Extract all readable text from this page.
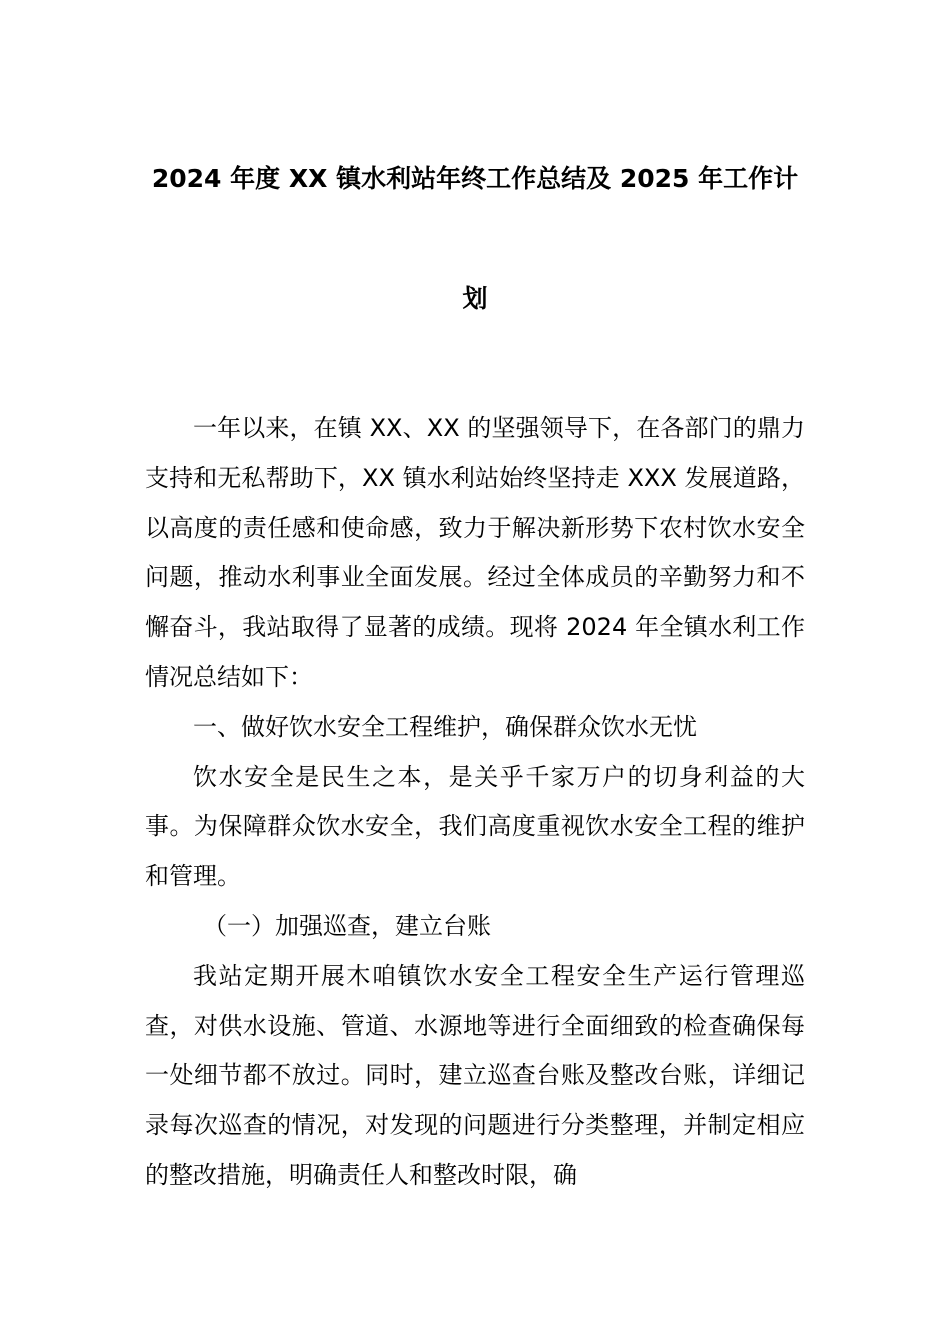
2024 年度 XX 镇水利站年终工作总结及 2025 年工作计
划

一年以来，在镇 XX、XX 的坚强领导下，在各部门的鼎力支持和无私帮助下，XX 镇水利站始终坚持走 XXX 发展道路，以高度的责任感和使命感，致力于解决新形势下农村饮水安全问题，推动水利事业全面发展。经过全体成员的辛勤努力和不懈奋斗，我站取得了显著的成绩。现将 2024 年全镇水利工作情况总结如下：

一、做好饮水安全工程维护，确保群众饮水无忧

饮水安全是民生之本，是关乎千家万户的切身利益的大事。为保障群众饮水安全，我们高度重视饮水安全工程的维护和管理。

（一）加强巡查，建立台账

我站定期开展木咱镇饮水安全工程安全生产运行管理巡查，对供水设施、管道、水源地等进行全面细致的检查确保每一处细节都不放过。同时，建立巡查台账及整改台账，详细记录每次巡查的情况，对发现的问题进行分类整理，并制定相应的整改措施，明确责任人和整改时限，确
